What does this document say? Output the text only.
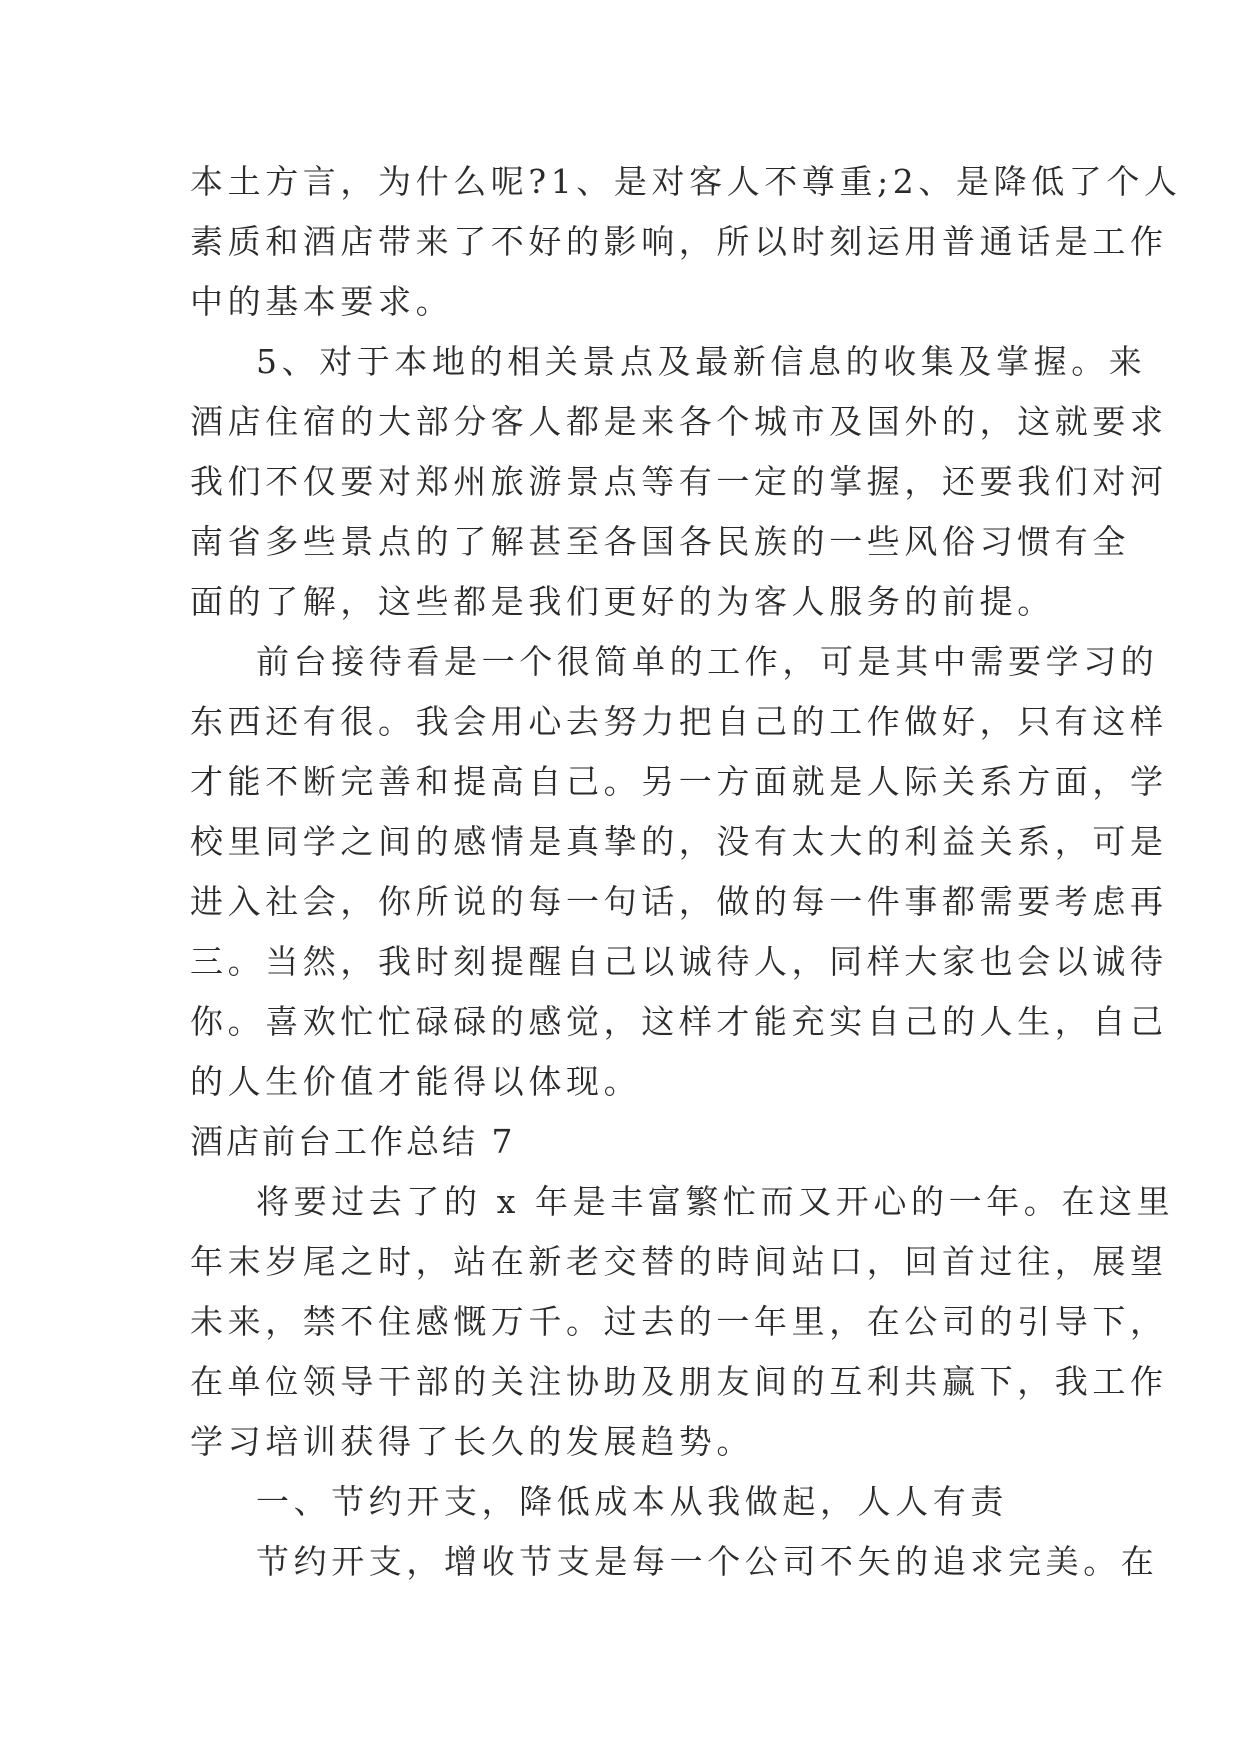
本土方言，为什么呢?1、是对客人不尊重;2、是降低了个人
素质和酒店带来了不好的影响，所以时刻运用普通话是工作
中的基本要求。
5、对于本地的相关景点及最新信息的收集及掌握。来
酒店住宿的大部分客人都是来各个城市及国外的，这就要求
我们不仅要对郑州旅游景点等有一定的掌握，还要我们对河
南省多些景点的了解甚至各国各民族的一些风俗习惯有全
面的了解，这些都是我们更好的为客人服务的前提。
前台接待看是一个很简单的工作，可是其中需要学习的
东西还有很。我会用心去努力把自己的工作做好，只有这样
才能不断完善和提高自己。另一方面就是人际关系方面，学
校里同学之间的感情是真挚的，没有太大的利益关系，可是
进入社会，你所说的每一句话，做的每一件事都需要考虑再
三。当然，我时刻提醒自己以诚待人，同样大家也会以诚待
你。喜欢忙忙碌碌的感觉，这样才能充实自己的人生，自己
的人生价值才能得以体现。
酒店前台工作总结 7
将要过去了的 x 年是丰富繁忙而又开心的一年。在这里
年末岁尾之时，站在新老交替的時间站口，回首过往，展望
未来，禁不住感慨万千。过去的一年里，在公司的引导下，
在单位领导干部的关注协助及朋友间的互利共赢下，我工作
学习培训获得了长久的发展趋势。
一、节约开支，降低成本从我做起，人人有责
节约开支，增收节支是每一个公司不矢的追求完美。在
